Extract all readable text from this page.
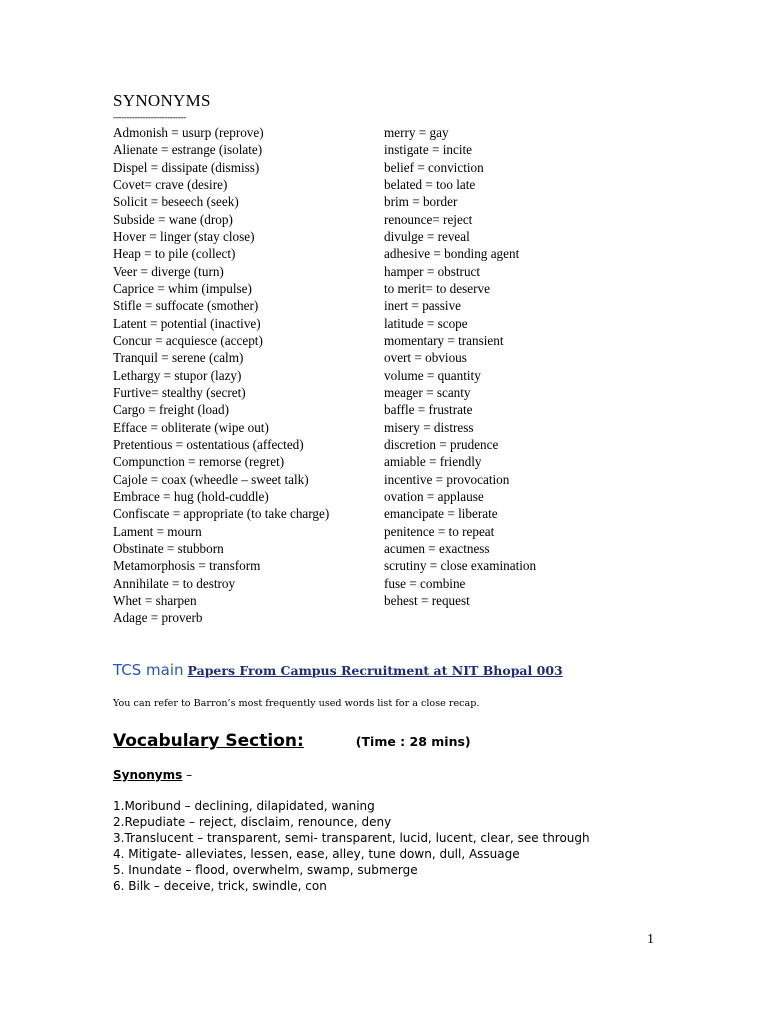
SYNONYMS
---------------------------
Admonish = usurp (reprove)
Alienate = estrange (isolate)
Dispel = dissipate (dismiss)
Covet= crave (desire)
Solicit = beseech (seek)
Subside = wane (drop)
Hover = linger (stay close)
Heap = to pile (collect)
Veer = diverge (turn)
Caprice = whim (impulse)
Stifle = suffocate (smother)
Latent = potential (inactive)
Concur = acquiesce (accept)
Tranquil = serene (calm)
Lethargy = stupor (lazy)
Furtive= stealthy (secret)
Cargo = freight (load)
Efface = obliterate (wipe out)
Pretentious = ostentatious (affected)
Compunction = remorse (regret)
Cajole = coax (wheedle – sweet talk)
Embrace = hug (hold-cuddle)
Confiscate = appropriate (to take charge)
Lament = mourn
Obstinate = stubborn
Metamorphosis = transform
Annihilate = to destroy
Whet = sharpen
Adage = proverb
merry = gay
instigate = incite
belief = conviction
belated = too late
brim = border
renounce= reject
divulge = reveal
adhesive = bonding agent
hamper = obstruct
to merit= to deserve
inert = passive
latitude = scope
momentary = transient
overt = obvious
volume = quantity
meager = scanty
baffle = frustrate
misery = distress
discretion = prudence
amiable = friendly
incentive = provocation
ovation = applause
emancipate = liberate
penitence = to repeat
acumen = exactness
scrutiny = close examination
fuse = combine
behest = request
TCS main Papers From Campus Recruitment at NIT Bhopal 003
You can refer to Barron’s most frequently used words list for a close recap.
Vocabulary Section:	(Time : 28 mins)
Synonyms –
1.Moribund – declining, dilapidated, waning
2.Repudiate – reject, disclaim, renounce, deny
3.Translucent – transparent, semi- transparent, lucid, lucent, clear, see through
4. Mitigate- alleviates, lessen, ease, alley, tune down, dull, Assuage
5. Inundate – flood, overwhelm, swamp, submerge
6. Bilk – deceive, trick, swindle, con
1
